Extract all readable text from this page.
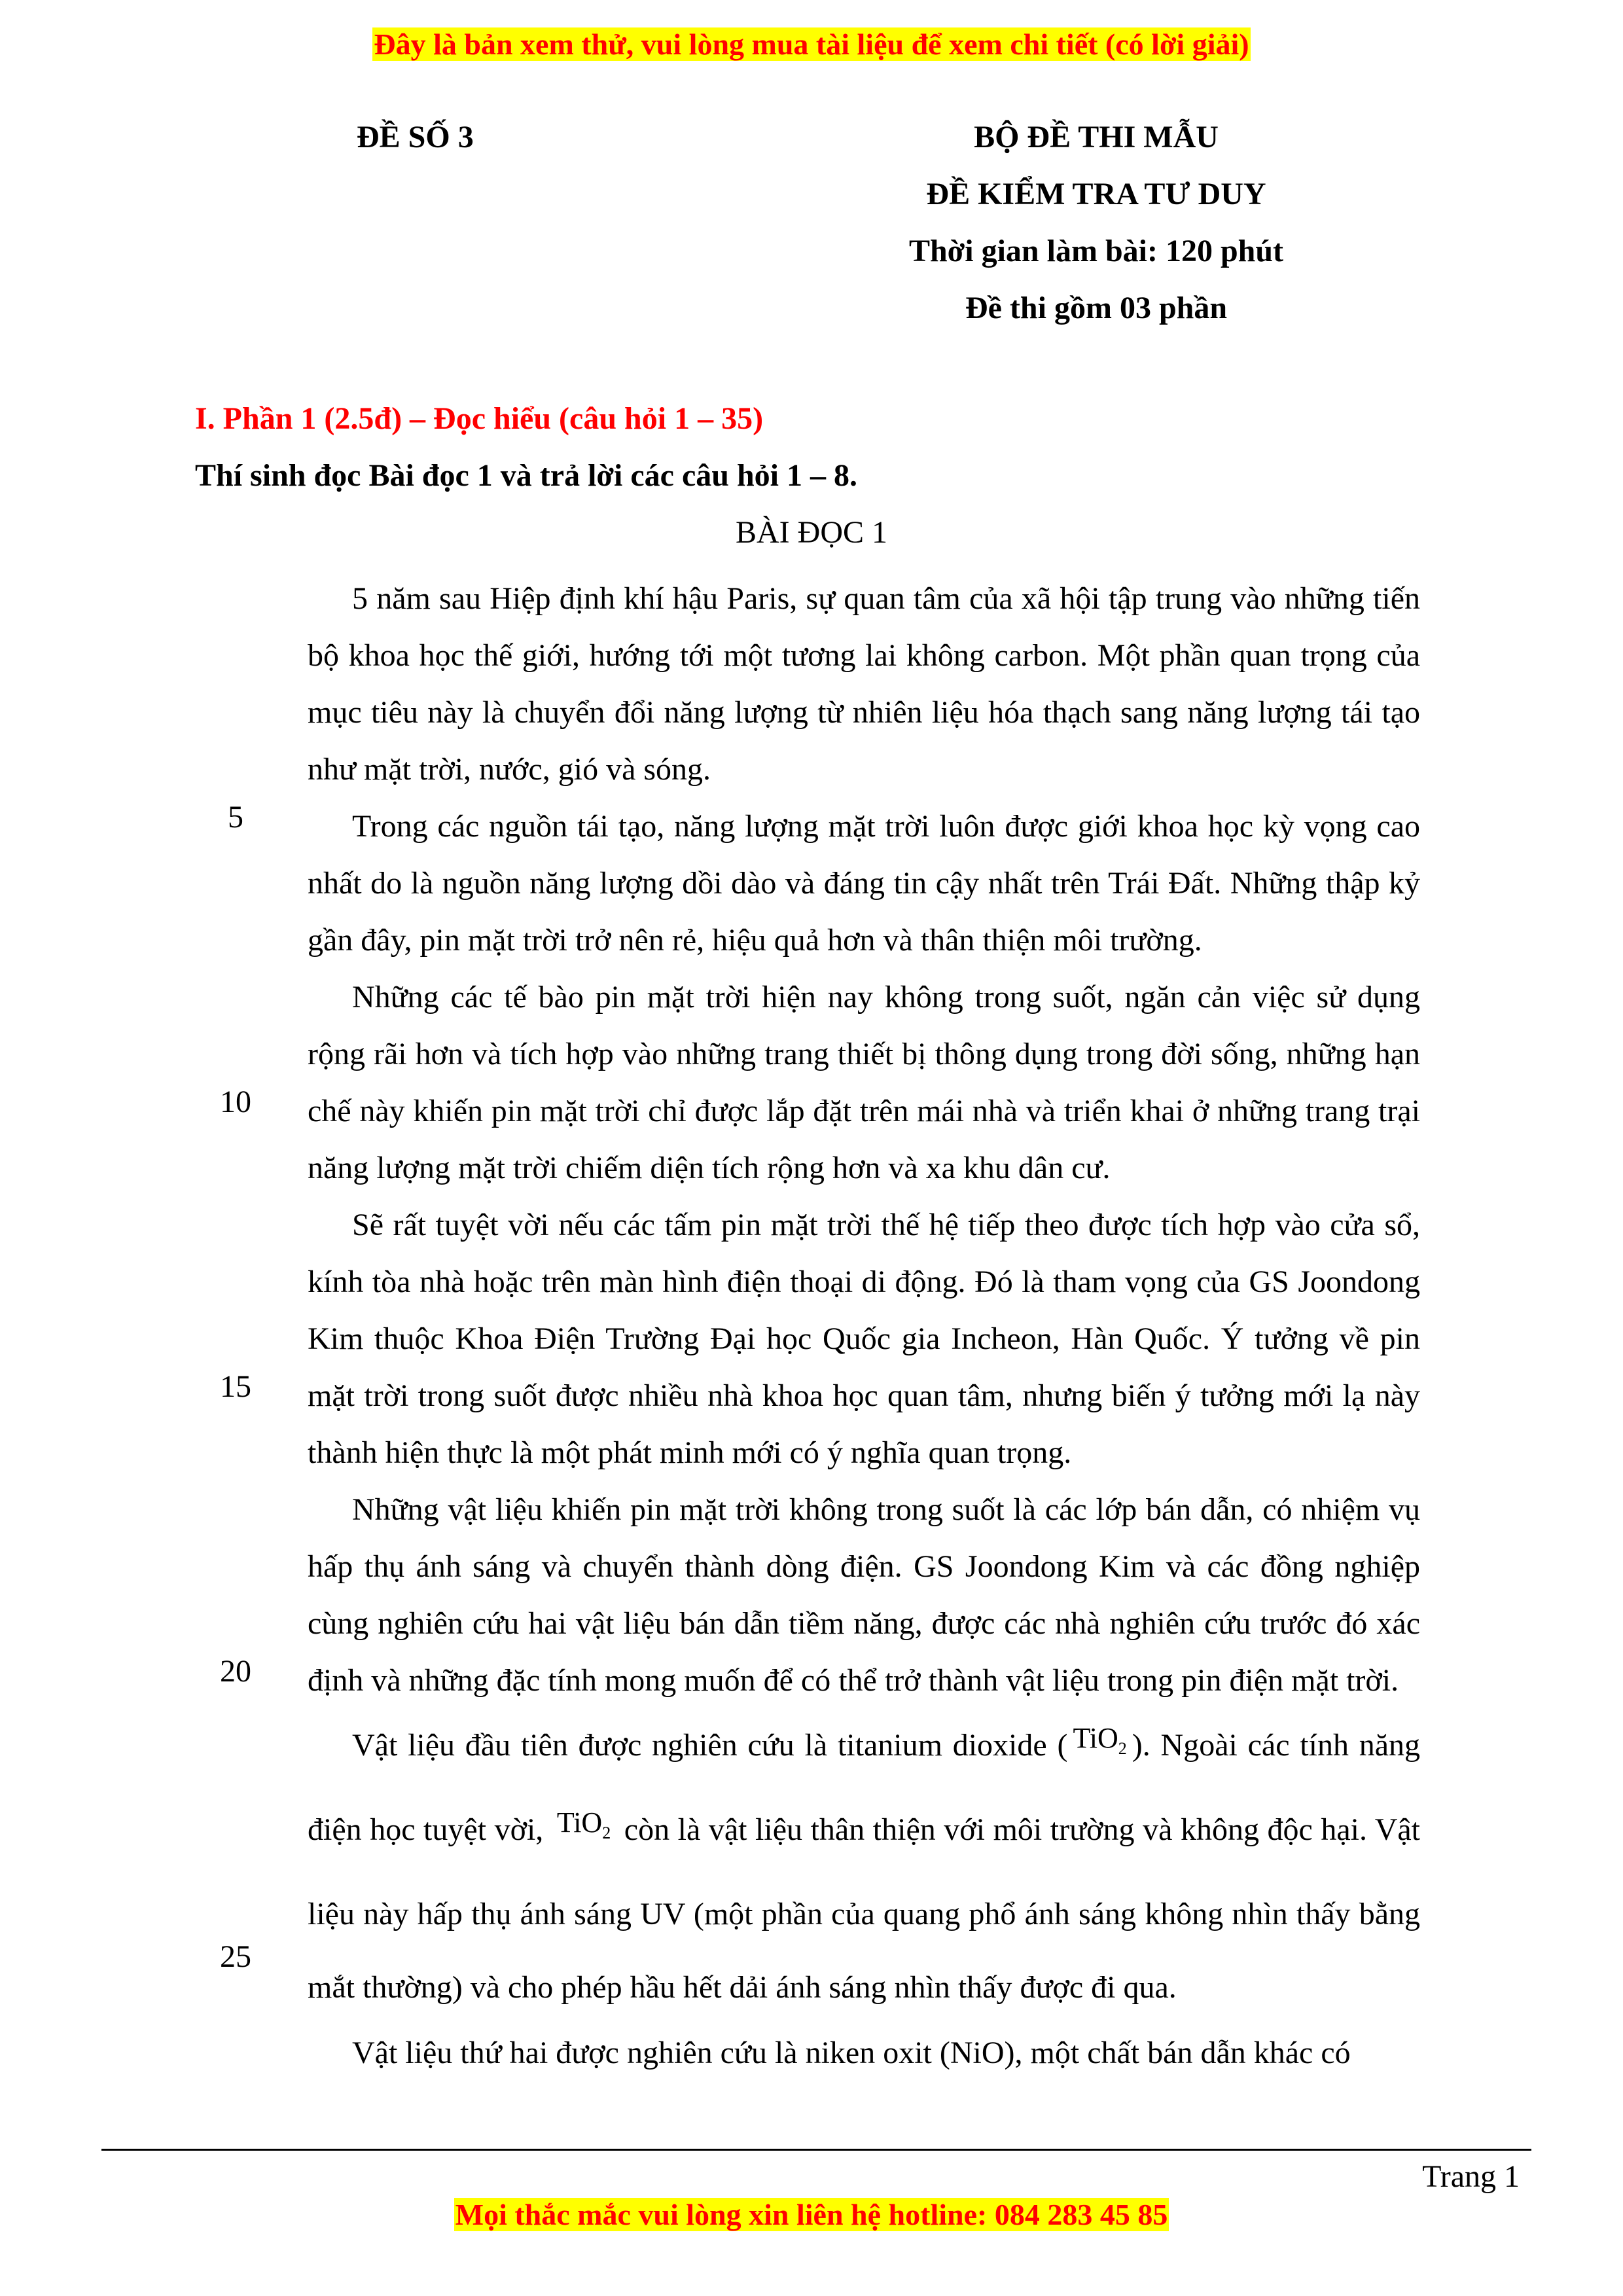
Đây là bản xem thử, vui lòng mua tài liệu để xem chi tiết (có lời giải)
ĐỀ SỐ 3	BỘ ĐỀ THI MẪU
ĐỀ KIỂM TRA TƯ DUY
Thời gian làm bài: 120 phút
Đề thi gồm 03 phần
I. Phần 1 (2.5đ) – Đọc hiểu (câu hỏi 1 – 35)
Thí sinh đọc Bài đọc 1 và trả lời các câu hỏi 1 – 8.
BÀI ĐỌC 1

5 năm sau Hiệp định khí hậu Paris, sự quan tâm của xã hội tập trung vào những tiến bộ khoa học thế giới, hướng tới một tương lai không carbon. Một phần quan trọng của mục tiêu này là chuyển đổi năng lượng từ nhiên liệu hóa thạch sang năng lượng tái tạo như mặt trời, nước, gió và sóng.

Trong các nguồn tái tạo, năng lượng mặt trời luôn được giới khoa học kỳ vọng cao nhất do là nguồn năng lượng dồi dào và đáng tin cậy nhất trên Trái Đất. Những thập kỷ gần đây, pin mặt trời trở nên rẻ, hiệu quả hơn và thân thiện môi trường.

Những các tế bào pin mặt trời hiện nay không trong suốt, ngăn cản việc sử dụng rộng rãi hơn và tích hợp vào những trang thiết bị thông dụng trong đời sống, những hạn chế này khiến pin mặt trời chỉ được lắp đặt trên mái nhà và triển khai ở những trang trại năng lượng mặt trời chiếm diện tích rộng hơn và xa khu dân cư.

Sẽ rất tuyệt vời nếu các tấm pin mặt trời thế hệ tiếp theo được tích hợp vào cửa sổ, kính tòa nhà hoặc trên màn hình điện thoại di động. Đó là tham vọng của GS Joondong Kim thuộc Khoa Điện Trường Đại học Quốc gia Incheon, Hàn Quốc. Ý tưởng về pin mặt trời trong suốt được nhiều nhà khoa học quan tâm, nhưng biến ý tưởng mới lạ này thành hiện thực là một phát minh mới có ý nghĩa quan trọng.

Những vật liệu khiến pin mặt trời không trong suốt là các lớp bán dẫn, có nhiệm vụ hấp thụ ánh sáng và chuyển thành dòng điện. GS Joondong Kim và các đồng nghiệp cùng nghiên cứu hai vật liệu bán dẫn tiềm năng, được các nhà nghiên cứu trước đó xác định và những đặc tính mong muốn để có thể trở thành vật liệu trong pin điện mặt trời.

Vật liệu đầu tiên được nghiên cứu là titanium dioxide ( TiO$_2$ ). Ngoài các tính năng điện học tuyệt vời, TiO$_2$ còn là vật liệu thân thiện với môi trường và không độc hại. Vật liệu này hấp thụ ánh sáng UV (một phần của quang phổ ánh sáng không nhìn thấy bằng mắt thường) và cho phép hầu hết dải ánh sáng nhìn thấy được đi qua.

Vật liệu thứ hai được nghiên cứu là niken oxit (NiO), một chất bán dẫn khác có

5
10
15
20
25
Trang 1
Mọi thắc mắc vui lòng xin liên hệ hotline: 084 283 45 85
